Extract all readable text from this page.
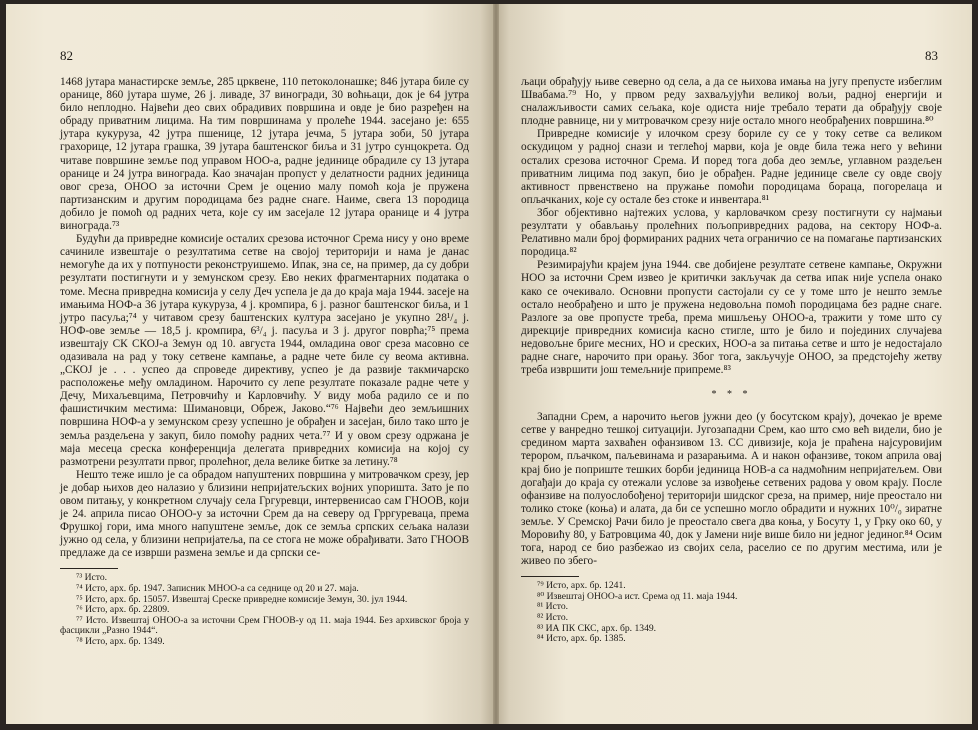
82

1468 јутара манастирске земље, 285 црквене, 110 петоколонашке; 846 јутара биле су оранице, 860 јутара шуме, 26 ј. ливаде, 37 виногради, 30 воћњаци, док је 64 јутра било неплодно. Највећи део свих обрадивих површина и овде је био разређен на обраду приватним лицима. На тим површинама у пролеће 1944. засејано је: 655 јутара кукуруза, 42 јутра пшенице, 12 јутара јечма, 5 јутара зоби, 50 јутара грахорице, 12 јутара грашка, 39 јутара баштенског биља и 31 јутро сунцокрета. Од читаве површине земље под управом НОО-а, радне јединице обрадиле су 13 јутара оранице и 24 јутра винограда. Као значајан пропуст у делатности радних јединица овог среза, ОНОО за источни Срем је оценио малу помоћ која је пружена партизанским и другим породицама без радне снаге. Наиме, свега 13 породица добило је помоћ од радних чета, које су им засејале 12 јутара оранице и 4 јутра винограда.⁷³

Будући да привредне комисије осталих срезова источног Срема нису у оно време сачиниле извештаје о резултатима сетве на својој територији и нама је данас немогуће да их у потпуности реконструишемо. Ипак, зна се, на пример, да су добри резултати постигнути и у земунском срезу. Ево неких фрагментарних података о томе. Месна привредна комисија у селу Деч успела је да до краја маја 1944. засеје на имањима НОФ-а 36 јутара кукуруза, 4 ј. кромпира, 6 ј. разног баштенског биља, и 1 јутро пасуља;⁷⁴ у читавом срезу баштенских култура засејано је укупно 28¹/₄ ј. НОФ-ове земље — 18,5 ј. кромпира, 6³/₄ ј. пасуља и 3 ј. другог поврћа;⁷⁵ према извештају СК СКОЈ-а Земун од 10. августа 1944, омладина овог среза масовно се одазивала на рад у току сетвене кампање, а радне чете биле су веома активна. „СКОЈ је . . . успео да спроведе директиву, успео је да развије такмичарско расположење међу омладином. Нарочито су лепе резултате показале радне чете у Дечу, Михаљевцима, Петровчићу и Карловчићу. У виду моба радило се и по фашистичким местима: Шимановци, Обреж, Јаково.“⁷⁶ Највећи део земљишних површина НОФ-а у земунском срезу успешно је обрађен и засејан, било тако што је земља раздељена у закуп, било помоћу радних чета.⁷⁷ И у овом срезу одржана је маја месеца среска конференција делегата привредних комисија на којој су размотрени резултати првог, пролећног, дела велике битке за летину.⁷⁸

Нешто теже ишло је са обрадом напуштених површина у митровачком срезу, јер је добар њихов део налазио у близини непријатељских војних упоришта. Зато је по овом питању, у конкретном случају села Гргуревци, интервенисао сам ГНООВ, који је 24. априла писао ОНОО-у за источни Срем да на северу од Грргуреваца, према Фрушкој гори, има много напуштене земље, док се земља српских сељака налази јужно од села, у близини непријатеља, па се стога не може обрађивати. Зато ГНООВ предлаже да се изврши размена земље и да српски се-

⁷³ Исто.
⁷⁴ Исто, арх. бр. 1947. Записник МНОО-а са седнице од 20 и 27. маја.
⁷⁵ Исто, арх. бр. 15057. Извештај Среске привредне комисије Земун, 30. јул 1944.
⁷⁶ Исто, арх. бр. 22809.
⁷⁷ Исто. Извештај ОНОО-а за источни Срем ГНООВ-у од 11. маја 1944. Без архивског броја у фасцикли „Разно 1944“.
⁷⁸ Исто, арх. бр. 1349.
83

љаци обрађују њиве северно од села, а да се њихова имања на југу препусте избеглим Швабама.⁷⁹ Но, у првом реду захваљујући великој вољи, радној енергији и сналажљивости самих сељака, које одиста није требало терати да обрађују своје плодне равнице, ни у митровачком срезу није остало много необрађених површина.⁸⁰

Привредне комисије у илочком срезу бориле су се у току сетве са великом оскудицом у радној снази и теглећој марви, која је овде била тежа него у већини осталих срезова источног Срема. И поред тога доба део земље, углавном раздељен приватним лицима под закуп, био је обрађен. Радне јединице свеле су овде своју активност првенствено на пружање помоћи породицама бораца, погорелаца и опљачканих, које су остале без стоке и инвентара.⁸¹

Због објективно најтежих услова, у карловачком срезу постигнути су најмањи резултати у обављању пролећних пољопривредних радова, на сектору НОФ-а. Релативно мали број формираних радних чета ограничио се на помагање партизанских породица.⁸²

Резимирајући крајем јуна 1944. све добијене резултате сетвене кампање, Окружни НОО за источни Срем извео је критички закључак да сетва ипак није успела онако како се очекивало. Основни пропусти састојали су се у томе што је нешто земље остало необрађено и што је пружена недовољна помоћ породицама без радне снаге. Разлоге за ове пропусте треба, према мишљењу ОНОО-а, тражити у томе што су дирекције привредних комисија касно стигле, што је било и појединих случајева недовољне бриге месних, НО и среских, НОО-а за питања сетве и што је недостајало радне снаге, нарочито при орању. Због тога, закључује ОНОО, за предстојећу жетву треба извршити још темељније припреме.⁸³

* * *

Западни Срем, а нарочито његов јужни део (у босутском крају), дочекао је време сетве у ванредно тешкој ситуацији. Југозападни Срем, као што смо већ видели, био је средином марта захваћен офанзивом 13. СС дивизије, која је праћена најсуровијим терором, пљачком, паљевинама и разарањима. А и након офанзиве, током априла овај крај био је поприште тешких борби јединица НОВ-а са надмоћним непријатељем. Ови догађаји до краја су отежали услове за извођење сетвених радова у овом крају. После офанзиве на полуослобођеној територији шидског среза, на пример, није преостало ни толико стоке (коња) и алата, да би се успешно могло обрадити и нужних 10⁰/₀ зиратне земље. У Сремској Рачи било је преостало свега два коња, у Босуту 1, у Грку око 60, у Моровићу 80, у Батровцима 40, док у Јамени није више било ни једног јединог.⁸⁴ Осим тога, народ се био разбежао из својих села, раселио се по другим местима, или је живео по збего-

⁷⁹ Исто, арх. бр. 1241.
⁸⁰ Извештај ОНОО-а ист. Срема од 11. маја 1944.
⁸¹ Исто.
⁸² Исто.
⁸³ ИА ПК СКС, арх. бр. 1349.
⁸⁴ Исто, арх. бр. 1385.
